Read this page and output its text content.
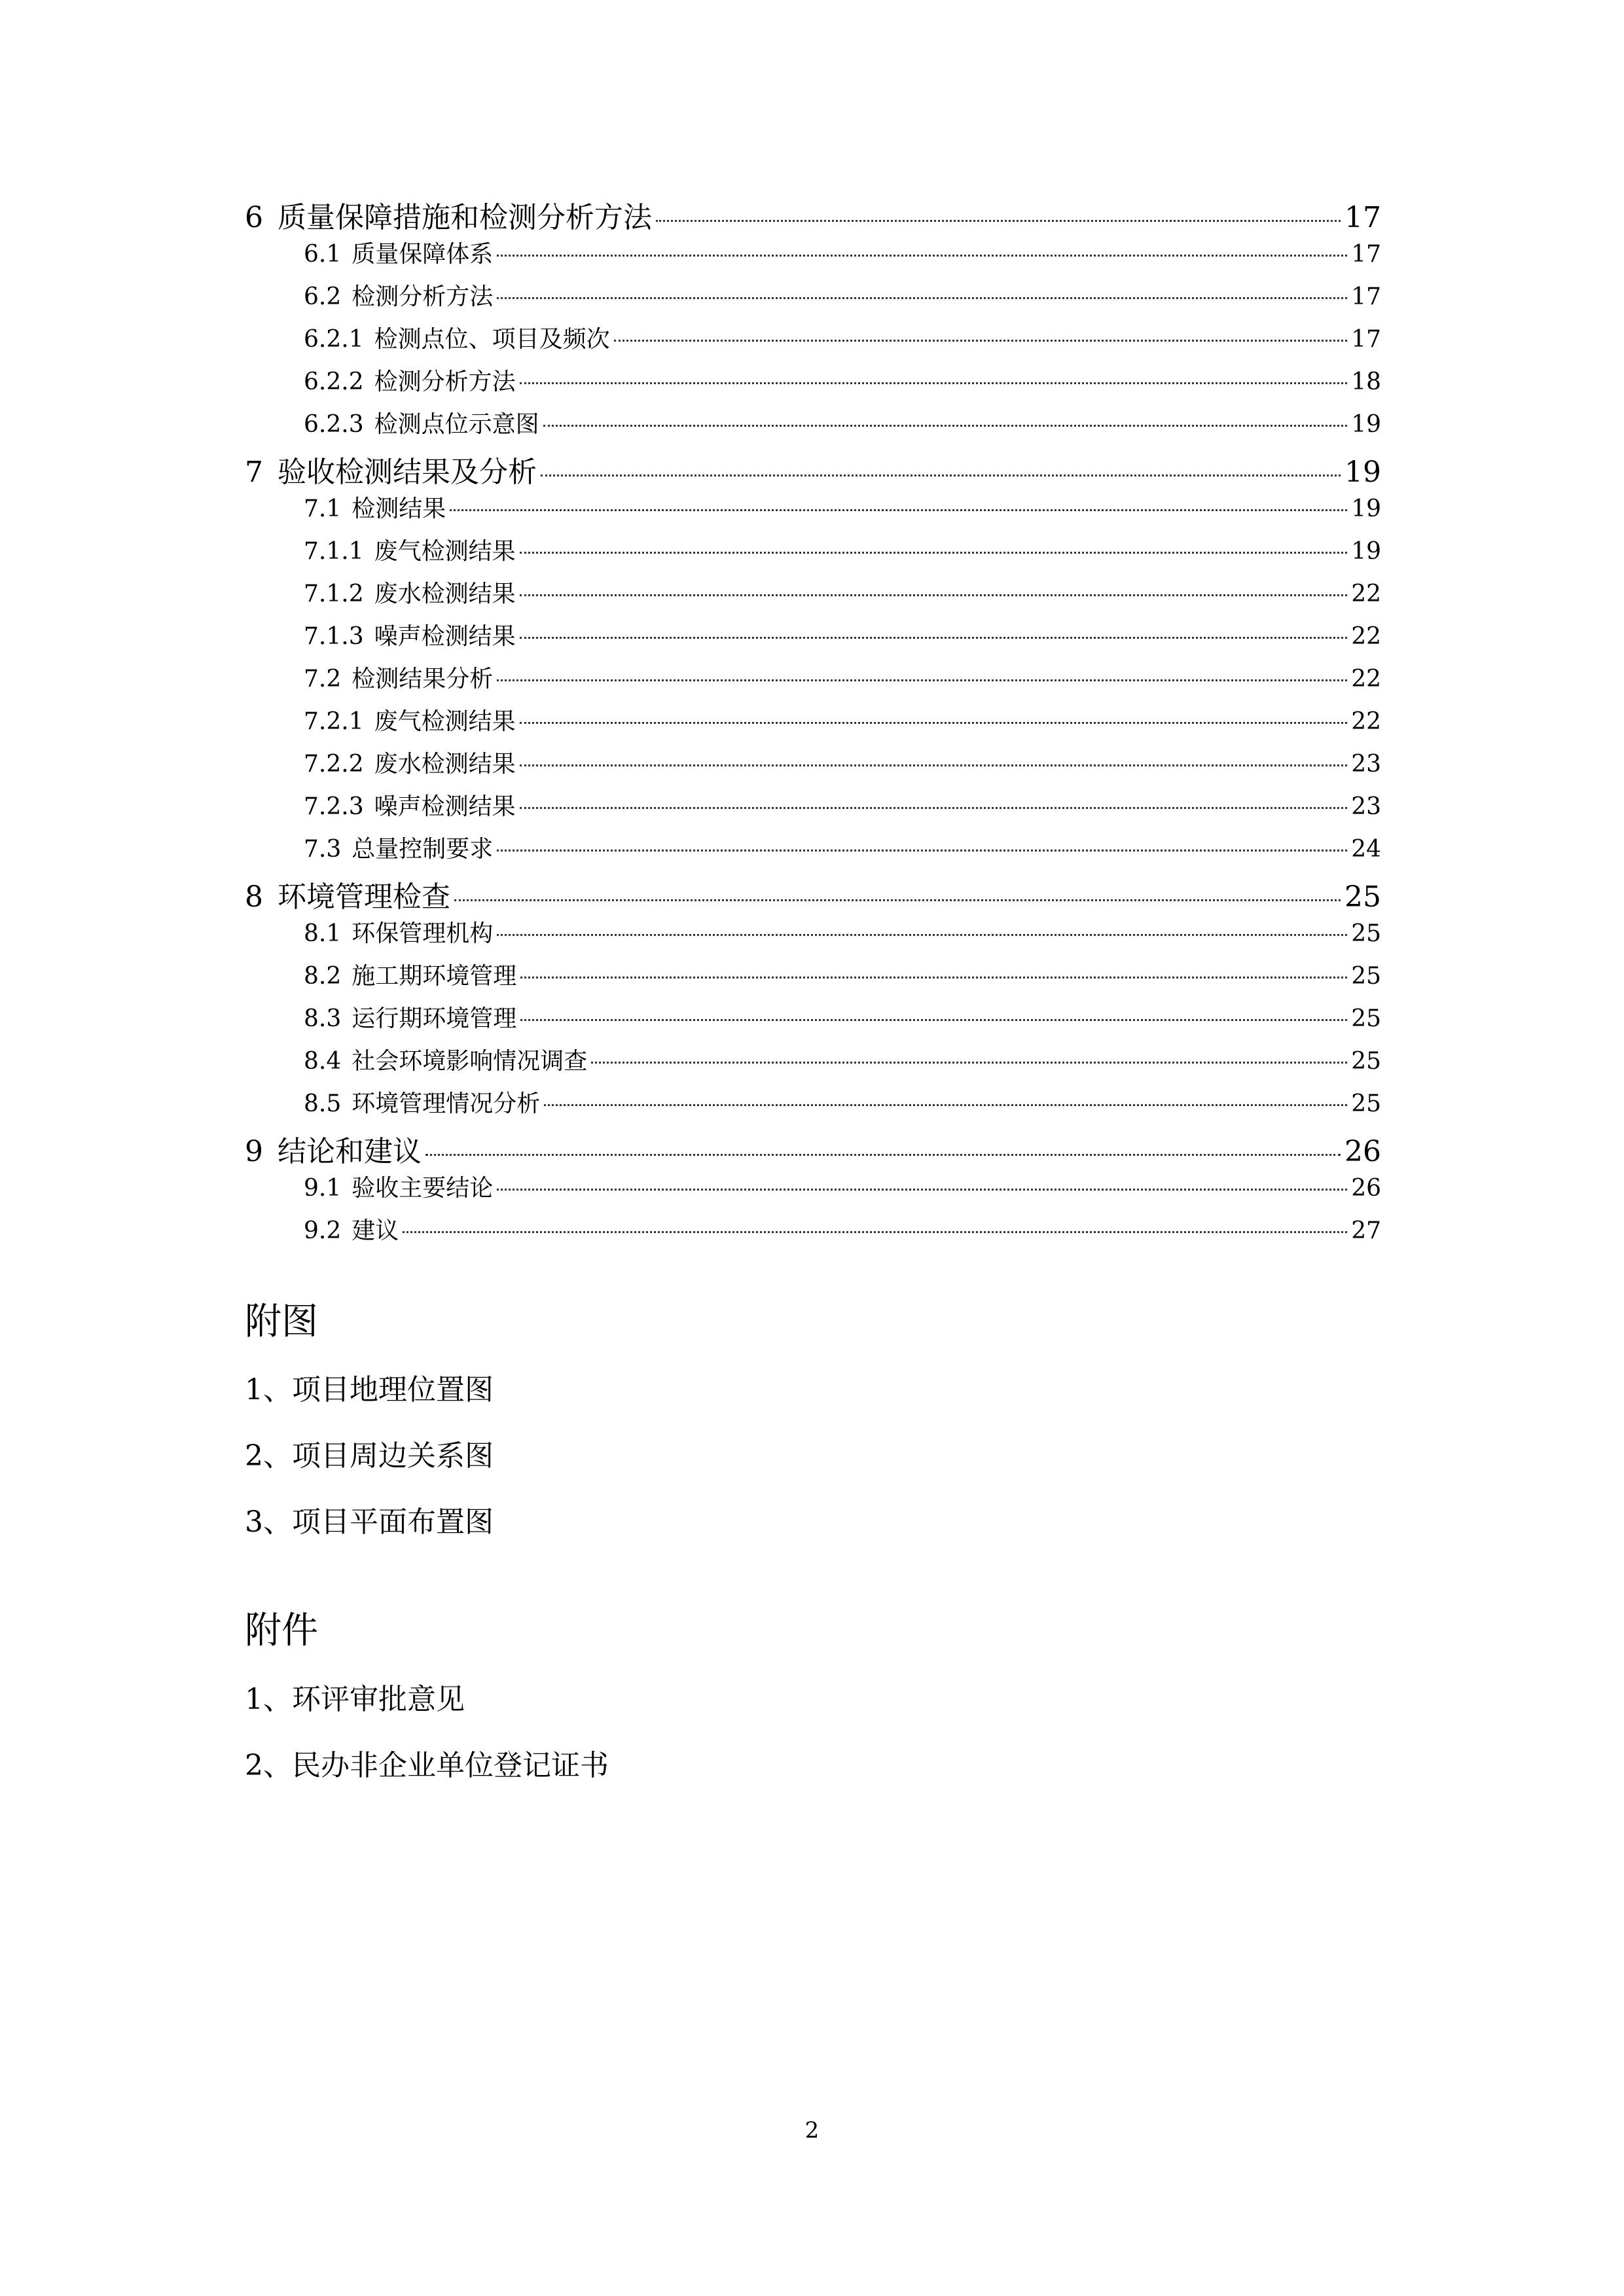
6 质量保障措施和检测分析方法	17
6.1 质量保障体系	17
6.2 检测分析方法	17
6.2.1 检测点位、项目及频次	17
6.2.2 检测分析方法	18
6.2.3 检测点位示意图	19
7 验收检测结果及分析	19
7.1 检测结果	19
7.1.1 废气检测结果	19
7.1.2 废水检测结果	22
7.1.3 噪声检测结果	22
7.2 检测结果分析	22
7.2.1 废气检测结果	22
7.2.2 废水检测结果	23
7.2.3 噪声检测结果	23
7.3 总量控制要求	24
8 环境管理检查	25
8.1 环保管理机构	25
8.2 施工期环境管理	25
8.3 运行期环境管理	25
8.4 社会环境影响情况调查	25
8.5 环境管理情况分析	25
9 结论和建议	26
9.1 验收主要结论	26
9.2 建议	27
附图
1、项目地理位置图
2、项目周边关系图
3、项目平面布置图
附件
1、环评审批意见
2、民办非企业单位登记证书
2
